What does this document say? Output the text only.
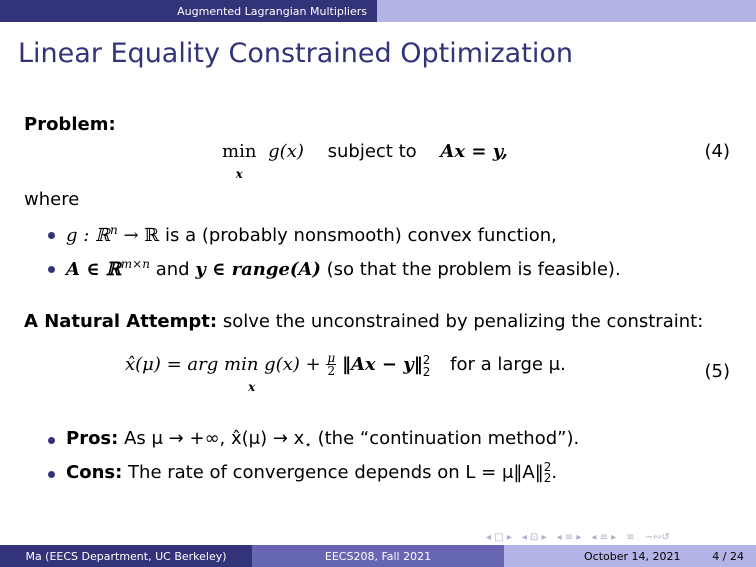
Augmented Lagrangian Multipliers
Linear Equality Constrained Optimization
Problem:
min
x g(x) subject to Ax = y,	(4)
where
g : ℝ$^n$ → ℝ is a (probably nonsmooth) convex function,
A ∈ ℝ$^{m\times n}$ and y ∈ range(A) (so that the problem is feasible).
A Natural Attempt: solve the unconstrained by penalizing the constraint:
x̂(μ) = arg min
x $g(x) + \frac{\mu}{2}$ ‖Ax − y‖2
2 for a large μ.	(5)
Pros: As μ → +∞, x̂(μ) → $x_⋆$ (the “continuation method”).
Cons: The rate of convergence depends on L = μ‖A‖2
2.
◂ □ ▸ ◂ ⊡ ▸ ◂ ≡ ▸ ◂ ≡ ▸ ≡ ∽∾↺
Ma (EECS Department, UC Berkeley)	EECS208, Fall 2021	October 14, 2021	4 / 24
